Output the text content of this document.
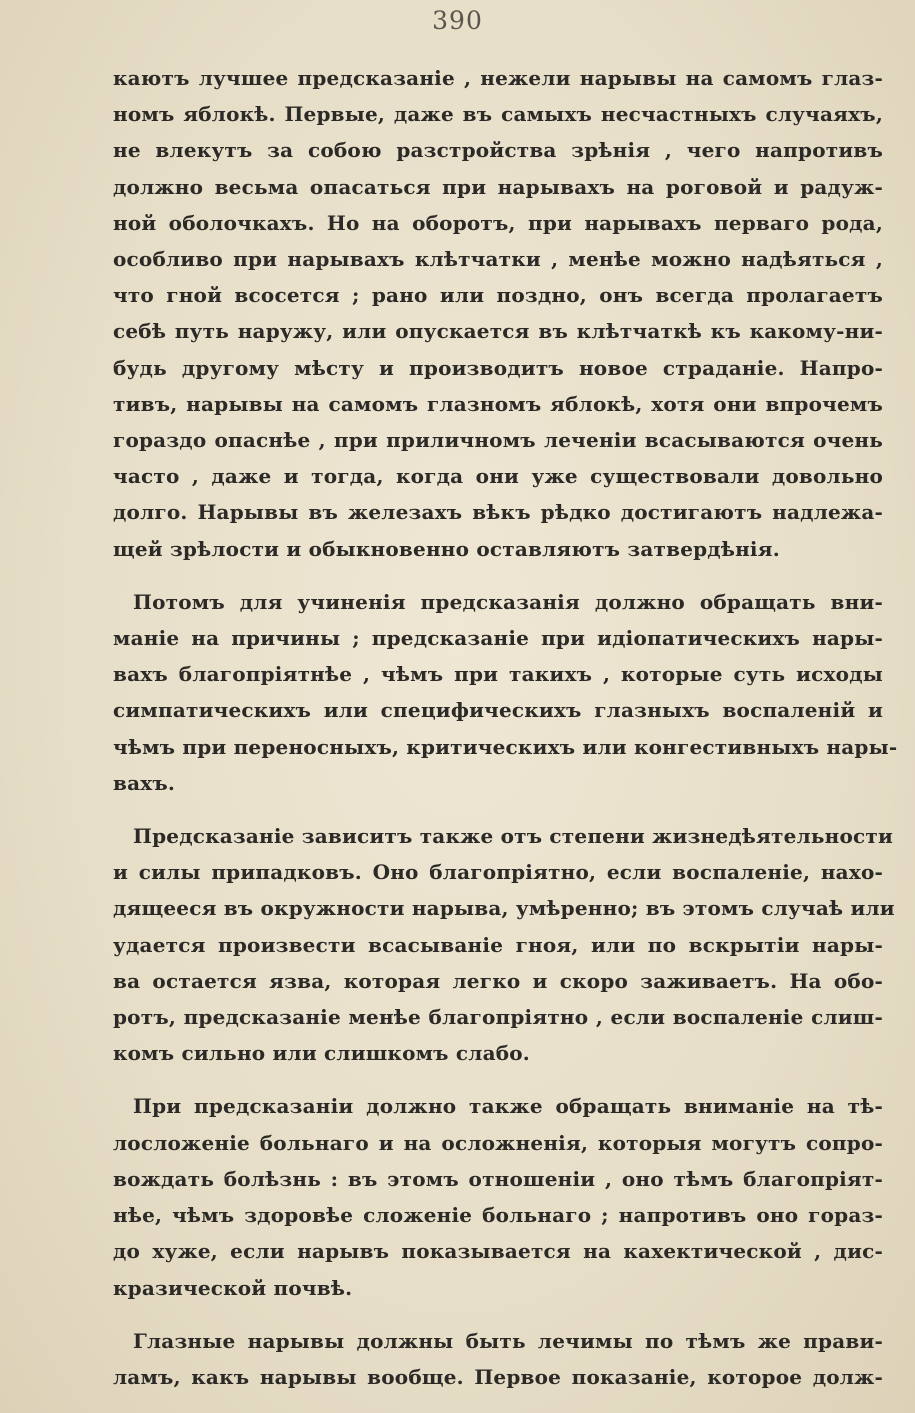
390

каютъ лучшее предсказаніе , нежели нарывы на самомъ глаз-
номъ яблокѣ. Первые, даже въ самыхъ несчастныхъ случаяхъ,
не влекутъ за собою разстройства зрѣнія , чего напротивъ
должно весьма опасаться при нарывахъ на роговой и радуж-
ной оболочкахъ. Но на оборотъ, при нарывахъ перваго рода,
особливо при нарывахъ клѣтчатки , менѣе можно надѣяться ,
что гной всосется ; рано или поздно, онъ всегда пролагаетъ
себѣ путь наружу, или опускается въ клѣтчаткѣ къ какому-ни-
будь другому мѣсту и производитъ новое страданіе. Напро-
тивъ, нарывы на самомъ глазномъ яблокѣ, хотя они впрочемъ
гораздо опаснѣе , при приличномъ леченіи всасываются очень
часто , даже и тогда, когда они уже существовали довольно
долго. Нарывы въ железахъ вѣкъ рѣдко достигаютъ надлежа-
щей зрѣлости и обыкновенно оставляютъ затвердѣнія.

Потомъ для учиненія предсказанія должно обращать вни-
маніе на причины ; предсказаніе при идіопатическихъ нары-
вахъ благопріятнѣе , чѣмъ при такихъ , которые суть исходы
симпатическихъ или специфическихъ глазныхъ воспаленій и
чѣмъ при переносныхъ, критическихъ или конгестивныхъ нары-
вахъ.

Предсказаніе зависитъ также отъ степени жизнедѣятельности
и силы припадковъ. Оно благопріятно, если воспаленіе, нахо-
дящееся въ окружности нарыва, умѣренно; въ этомъ случаѣ или
удается произвести всасываніе гноя, или по вскрытіи нары-
ва остается язва, которая легко и скоро заживаетъ. На обо-
ротъ, предсказаніе менѣе благопріятно , если воспаленіе слиш-
комъ сильно или слишкомъ слабо.

При предсказаніи должно также обращать вниманіе на тѣ-
лосложеніе больнаго и на осложненія, которыя могутъ сопро-
вождать болѣзнь : въ этомъ отношеніи , оно тѣмъ благопріят-
нѣе, чѣмъ здоровѣе сложеніе больнаго ; напротивъ оно гораз-
до хуже, если нарывъ показывается на кахектической , дис-
кразической почвѣ.

Глазные нарывы должны быть лечимы по тѣмъ же прави-
ламъ, какъ нарывы вообще. Первое показаніе, которое долж-
